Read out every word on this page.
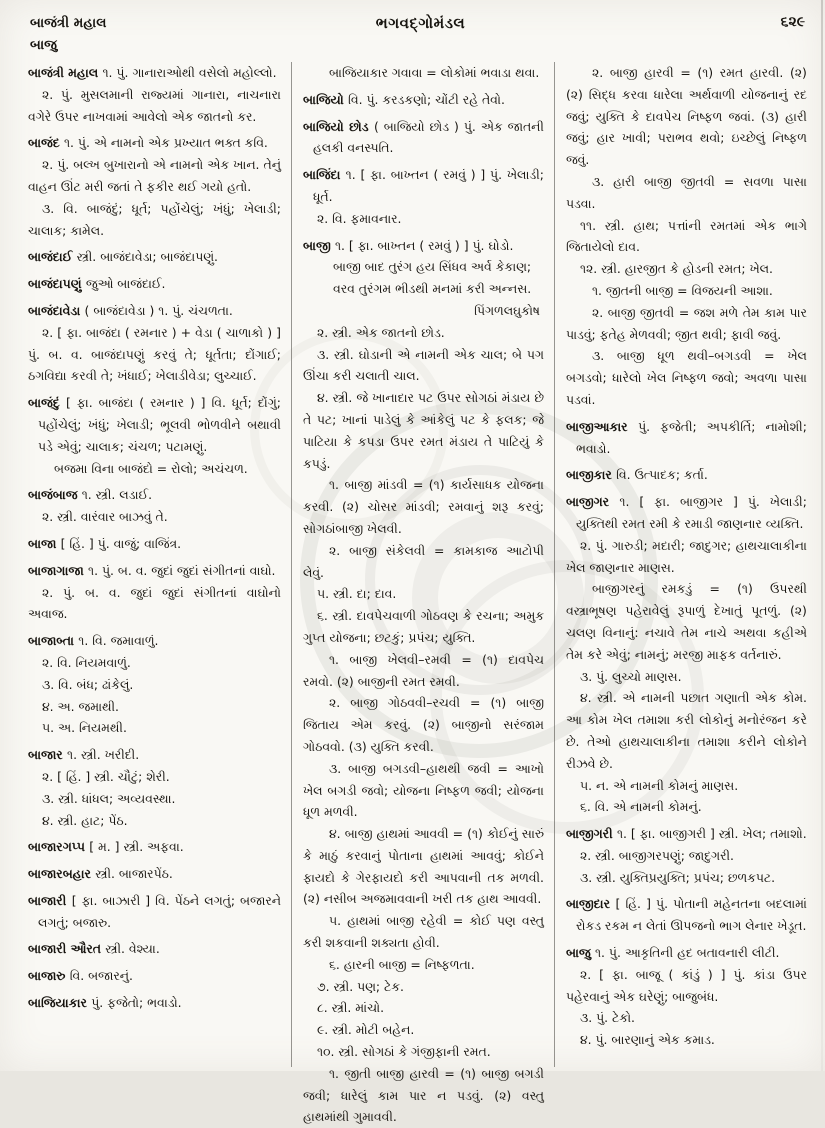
બાજંત્રી મહાલ
બાજુ
ભગવદ્ગોમંડલ	૬૨૯

બાજંત્રી મહાલ ૧. પું. ગાનારાઓથી વસેલો મહોલ્લો.

૨. પું. મુસલમાની રાજ્યમાં ગાનારા, નાચનારા વગેરે ઉપર નાખવામાં આવેલો એક જાતનો કર.

બાજંદ ૧. પું. એ નામનો એક પ્રખ્યાત ભક્ત કવિ.

૨. પું. બલ્ખ બુખારાનો એ નામનો એક ખાન. તેનું વાહન ઊંટ મરી જતાં તે ફકીર થઈ ગયો હતો.

૩. વિ. બાજંદું; ધૂર્ત; પહોંચેલું; ખંધું; ખેલાડી; ચાલાક; કામેલ.

બાજંદાઈ સ્ત્રી. બાજંદાવેડા; બાજંદાપણું.

બાજંદાપણું જુઓ બાજંદાઈ.

બાજંદાવેડા ( બાજંદાવેડા ) ૧. પું. ચંચળતા.

૨. [ ફા. બાજંદા ( રમનાર ) + વેડા ( ચાળાકો ) ] પું. બ. વ. બાજંદાપણું કરવું તે; ધૂર્તતા; દોંગાઈ; ઠગવિદ્યા કરવી તે; ખંધાઈ; ખેલાડીવેડા; લુચ્ચાઈ.

બાજંદું [ ફા. બાજંદા ( રમનાર ) ] વિ. ધૂર્ત; દોંગું; પહોંચેલું; ખંધું; ખેલાડી; ભૂલવી ભોળવીને બથાવી પડે એવું; ચાલાક; ચંચળ; પટામણું.

બજમા વિના બાજંદો = રોલો; અચંચળ.

બાજંબાજ ૧. સ્ત્રી. લડાઈ.

૨. સ્ત્રી. વારંવાર બાઝવું તે.

બાજા [ હિં. ] પું. વાજું; વાજિંત્ર.

બાજાગાજા ૧. પું. બ. વ. જુદાં જુદાં સંગીતનાં વાઘો.

૨. પું. બ. વ. જુદાં જુદાં સંગીતનાં વાઘોનો અવાજ.

બાજાબ્તા ૧. વિ. જમાવાળું.

૨. વિ. નિયમવાળું.

૩. વિ. બંધ; ઢાંકેલું.

૪. અ. જમાથી.

૫. અ. નિયમથી.

બાજાર ૧. સ્ત્રી. ખરીદી.

૨. [ હિં. ] સ્ત્રી. ચૌટું; શેરી.

૩. સ્ત્રી. ધાંધલ; અવ્યવસ્થા.

૪. સ્ત્રી. હાટ; પેંઠ.

બાજારગપ્પ [ મ. ] સ્ત્રી. અફવા.

બાજારબહાર સ્ત્રી. બાજારપેંઠ.

બાજારી [ ફા. બાઝારી ] વિ. પેંઠને લગતું; બજારને લગતું; બજારુ.

બાજારી ઔરત સ્ત્રી. વેશ્યા.

બાજારુ વિ. બજારનું.

બાજિયાકાર પું. ફજેતો; ભવાડો.

બાજિયાકાર ગવાવા = લોકોમાં ભવાડા થવા.

બાજિયો વિ. પું. કરડકણો; ચોંટી રહે તેવો.

બાજિયો છોડ ( બાજિયો છોડ ) પું. એક જાતની હલકી વનસ્પતિ.

બાજિંદા ૧. [ ફા. બાખ્તન ( રમવું ) ] પું. ખેલાડી; ધૂર્ત.

૨. વિ. ફમાવનાર.

બાજી ૧. [ ફા. બાખ્તન ( રમવું ) ] પું. ઘોડો.

બાજી બાદ તુરંગ હય સિંધવ અર્વ કેકાણ;

વરવ તુરંગમ ભીડથી મનમાં કરી અન્નસ.

પિંગળલઘુકોષ

૨. સ્ત્રી. એક જાતનો છોડ.

૩. સ્ત્રી. ઘોડાની એ નામની એક ચાલ; બે પગ ઊંચા કરી ચલાતી ચાલ.

૪. સ્ત્રી. જે ખાનાદાર પટ ઉપર સોગઠાં મંડાય છે તે પટ; ખાનાં પાડેલું કે આંકેલું પટ કે ફલક; જે પાટિયા કે કપડા ઉપર રમત મંડાય તે પાટિયું કે કપડું.

૧. બાજી માંડવી = (૧) કાર્યસાધક યોજના કરવી. (૨) ચોસર માંડવી; રમવાનું શરૂ કરવું; સોગઠાંબાજી ખેલવી.

૨. બાજી સંકેલવી = કામકાજ આટોપી લેવું.

૫. સ્ત્રી. દા; દાવ.

૬. સ્ત્રી. દાવપેચવાળી ગોઠવણ કે રચના; અમુક ગુપ્ત યોજના; છટકું; પ્રપંચ; યુક્તિ.

૧. બાજી ખેલવી–રમવી = (૧) દાવપેચ રમવો. (૨) બાજીની રમત રમવી.

૨. બાજી ગોઠવવી–રચવી = (૧) બાજી જિતાય એમ કરવું. (૨) બાજીનો સરંજામ ગોઠવવો. (૩) યુક્તિ કરવી.

૩. બાજી બગડવી–હાથથી જવી = આખો ખેલ બગડી જવો; યોજના નિષ્ફળ જવી; યોજના ધૂળ મળવી.

૪. બાજી હાથમાં આવવી = (૧) કોઈનું સારું કે માઠું કરવાનું પોતાના હાથમાં આવવું; કોઈને ફાયદો કે ગેરફાયદો કરી આપવાની તક મળવી. (૨) નસીબ અજમાવવાની ખરી તક હાથ આવવી.

૫. હાથમાં બાજી રહેવી = કોઈ પણ વસ્તુ કરી શકવાની શક્યતા હોવી.

૬. હારની બાજી = નિષ્ફળતા.

૭. સ્ત્રી. પણ; ટેક.

૮. સ્ત્રી. માંચો.

૯. સ્ત્રી. મોટી બહેન.

૧૦. સ્ત્રી. સોગઠાં કે ગંજીફાની રમત.

૧. જીતી બાજી હારવી = (૧) બાજી બગડી જવી; ધારેલું કામ પાર ન પડવું. (૨) વસ્તુ હાથમાંથી ગુમાવવી.

૨. બાજી હારવી = (૧) રમત હારવી. (૨) (૨) સિદ્ધ કરવા ધારેલા અર્થવાળી યોજનાનું રદ જવું; યુક્તિ કે દાવપેચ નિષ્ફળ જવાં. (૩) હારી જવું; હાર ખાવી; પરાભવ થવો; ઇચ્છેલું નિષ્ફળ જવું.

૩. હારી બાજી જીતવી = સવળા પાસા પડવા.

૧૧. સ્ત્રી. હાથ; પત્તાંની રમતમાં એક ભાગે જિતાયેલો દાવ.

૧૨. સ્ત્રી. હારજીત કે હોડની રમત; ખેલ.

૧. જીતની બાજી = વિજયની આશા.

૨. બાજી જીતવી = જશ મળે તેમ કામ પાર પાડવું; ફતેહ મેળવવી; જીત થવી; ફાવી જવું.

૩. બાજી ધૂળ થવી–બગડવી = ખેલ બગડવો; ધારેલો ખેલ નિષ્ફળ જવો; અવળા પાસા પડવાં.

બાજીઆકાર પું. ફજેતી; અપકીર્તિ; નામોશી; ભવાડો.

બાજીકાર વિ. ઉત્પાદક; કર્તા.

બાજીગર ૧. [ ફા. બાજીગર ] પું. ખેલાડી; યુક્તિથી રમત રમી કે રમાડી જાણનાર વ્યક્તિ.

૨. પું. ગારુડી; મદારી; જાદુગર; હાથચાલાકીના ખેલ જાણનાર માણસ.

બાજીગરનું રમકડું = (૧) ઉપરથી વસ્ત્રાભૂષણ પહેરાવેલું રૂપાળું દેખાતું પૂતળું. (૨) ચલણ વિનાનું: નચાવે તેમ નાચે અથવા કહીએ તેમ કરે એવું; નામનું; મરજી માફક વર્તનારું.

૩. પું. લુચ્ચો માણસ.

૪. સ્ત્રી. એ નામની પછાત ગણાતી એક કોમ. આ કોમ ખેલ તમાશા કરી લોકોનું મનોરંજન કરે છે. તેઓ હાથચાલાકીના તમાશા કરીને લોકોને રીઝવે છે.

૫. ન. એ નામની કોમનું માણસ.

૬. વિ. એ નામની કોમનું.

બાજીગરી ૧. [ ફા. બાજીગરી ] સ્ત્રી. ખેલ; તમાશો.

૨. સ્ત્રી. બાજીગરપણું; જાદુગરી.

૩. સ્ત્રી. યુક્તિપ્રયુક્તિ; પ્રપંચ; છળકપટ.

બાજીદાર [ હિં. ] પું. પોતાની મહેનતના બદલામાં રોકડ રકમ ન લેતાં ઊપજનો ભાગ લેનાર ખેડૂત.

બાજુ ૧. પું. આકૃતિની હદ બતાવનારી લીટી.

૨. [ ફા. બાજૂ ( કાંડું ) ] પું. કાંડા ઉપર પહેરવાનું એક ઘરેણું; બાજુબંધ.

૩. પું. ટેકો.

૪. પું. બારણાનું એક કમાડ.
